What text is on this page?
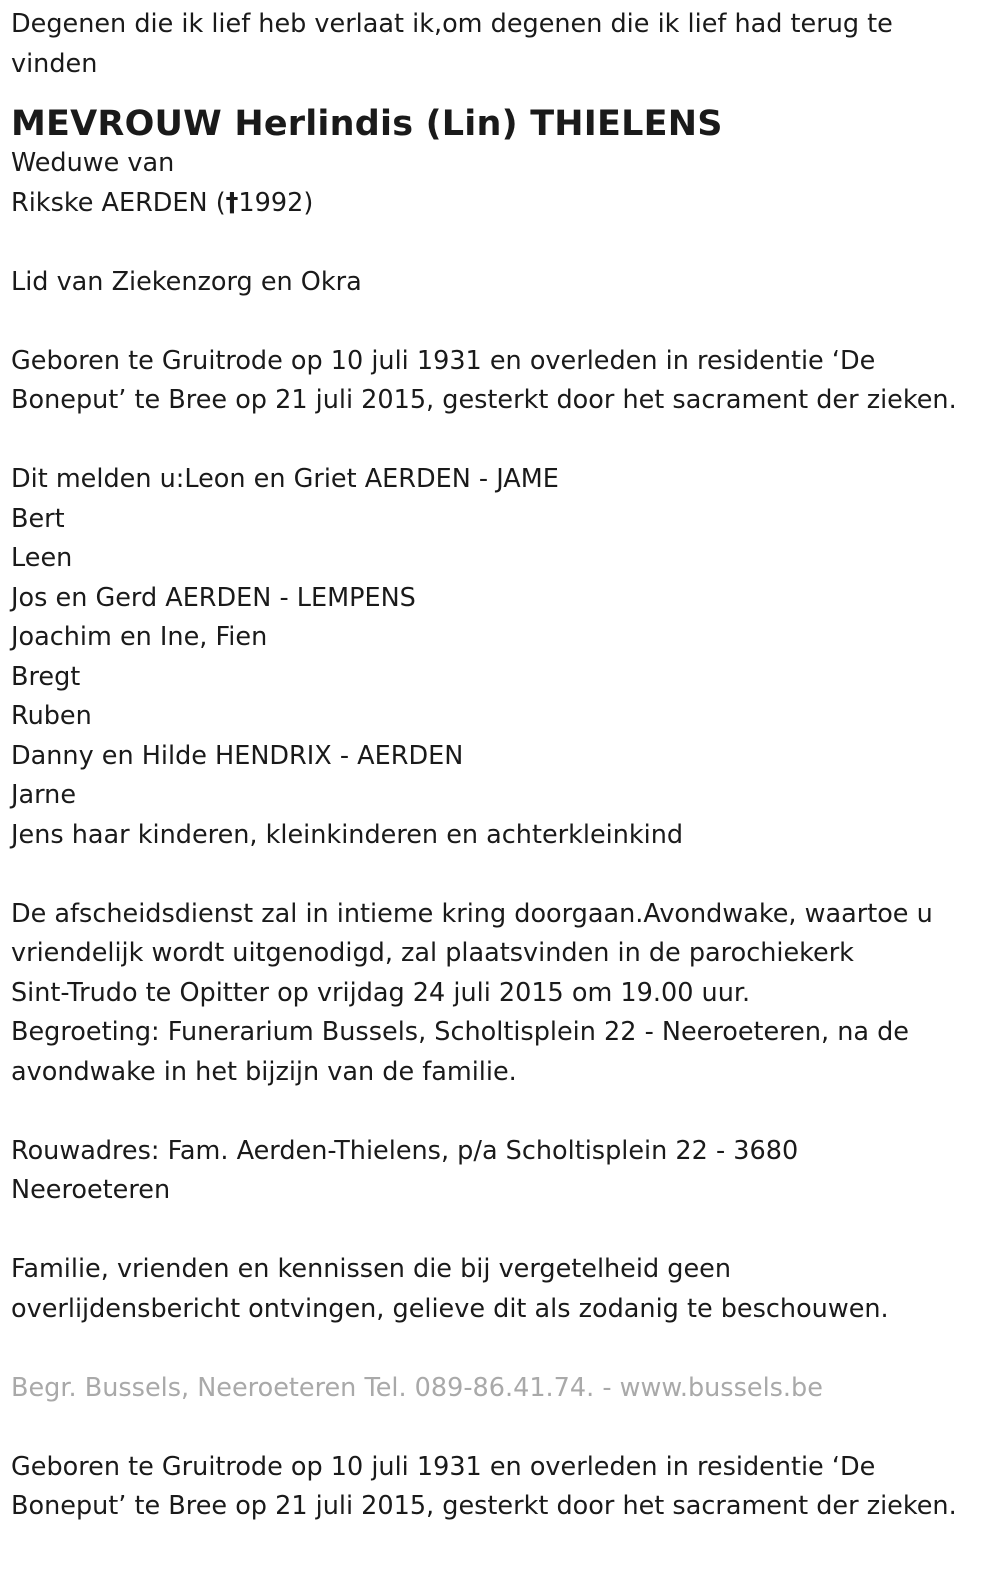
Degenen die ik lief heb verlaat ik,om degenen die ik lief had terug te

vinden

MEVROUW Herlindis (Lin) THIELENS

Weduwe van

Rikske AERDEN (†1992)

Lid van Ziekenzorg en Okra

Geboren te Gruitrode op 10 juli 1931 en overleden in residentie ‘De

Boneput’ te Bree op 21 juli 2015, gesterkt door het sacrament der zieken.

Dit melden u:Leon en Griet AERDEN - JAME

Bert

Leen

Jos en Gerd AERDEN - LEMPENS

Joachim en Ine, Fien

Bregt

Ruben

Danny en Hilde HENDRIX - AERDEN

Jarne

Jens haar kinderen, kleinkinderen en achterkleinkind

De afscheidsdienst zal in intieme kring doorgaan.Avondwake, waartoe u

vriendelijk wordt uitgenodigd, zal plaatsvinden in de parochiekerk

Sint-Trudo te Opitter op vrijdag 24 juli 2015 om 19.00 uur.

Begroeting: Funerarium Bussels, Scholtisplein 22 - Neeroeteren, na de

avondwake in het bijzijn van de familie.

Rouwadres: Fam. Aerden-Thielens, p/a Scholtisplein 22 - 3680

Neeroeteren

Familie, vrienden en kennissen die bij vergetelheid geen

overlijdensbericht ontvingen, gelieve dit als zodanig te beschouwen.

Begr. Bussels, Neeroeteren Tel. 089-86.41.74. - www.bussels.be

Geboren te Gruitrode op 10 juli 1931 en overleden in residentie ‘De

Boneput’ te Bree op 21 juli 2015, gesterkt door het sacrament der zieken.
